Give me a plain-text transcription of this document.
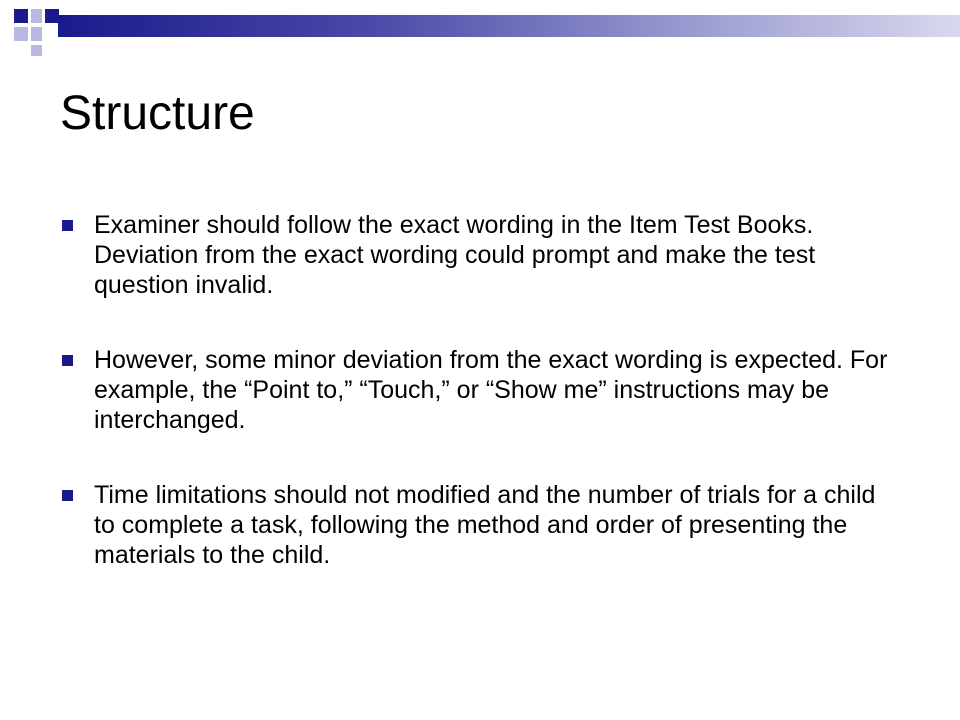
Structure
Examiner should follow the exact wording in the Item Test Books. Deviation from the exact wording could prompt and make the test question invalid.
However, some minor deviation from the exact wording is expected. For example, the “Point to,” “Touch,” or “Show me” instructions may be interchanged.
Time limitations should not modified and the number of trials for a child to complete a task, following the method and order of presenting the materials to the child.
